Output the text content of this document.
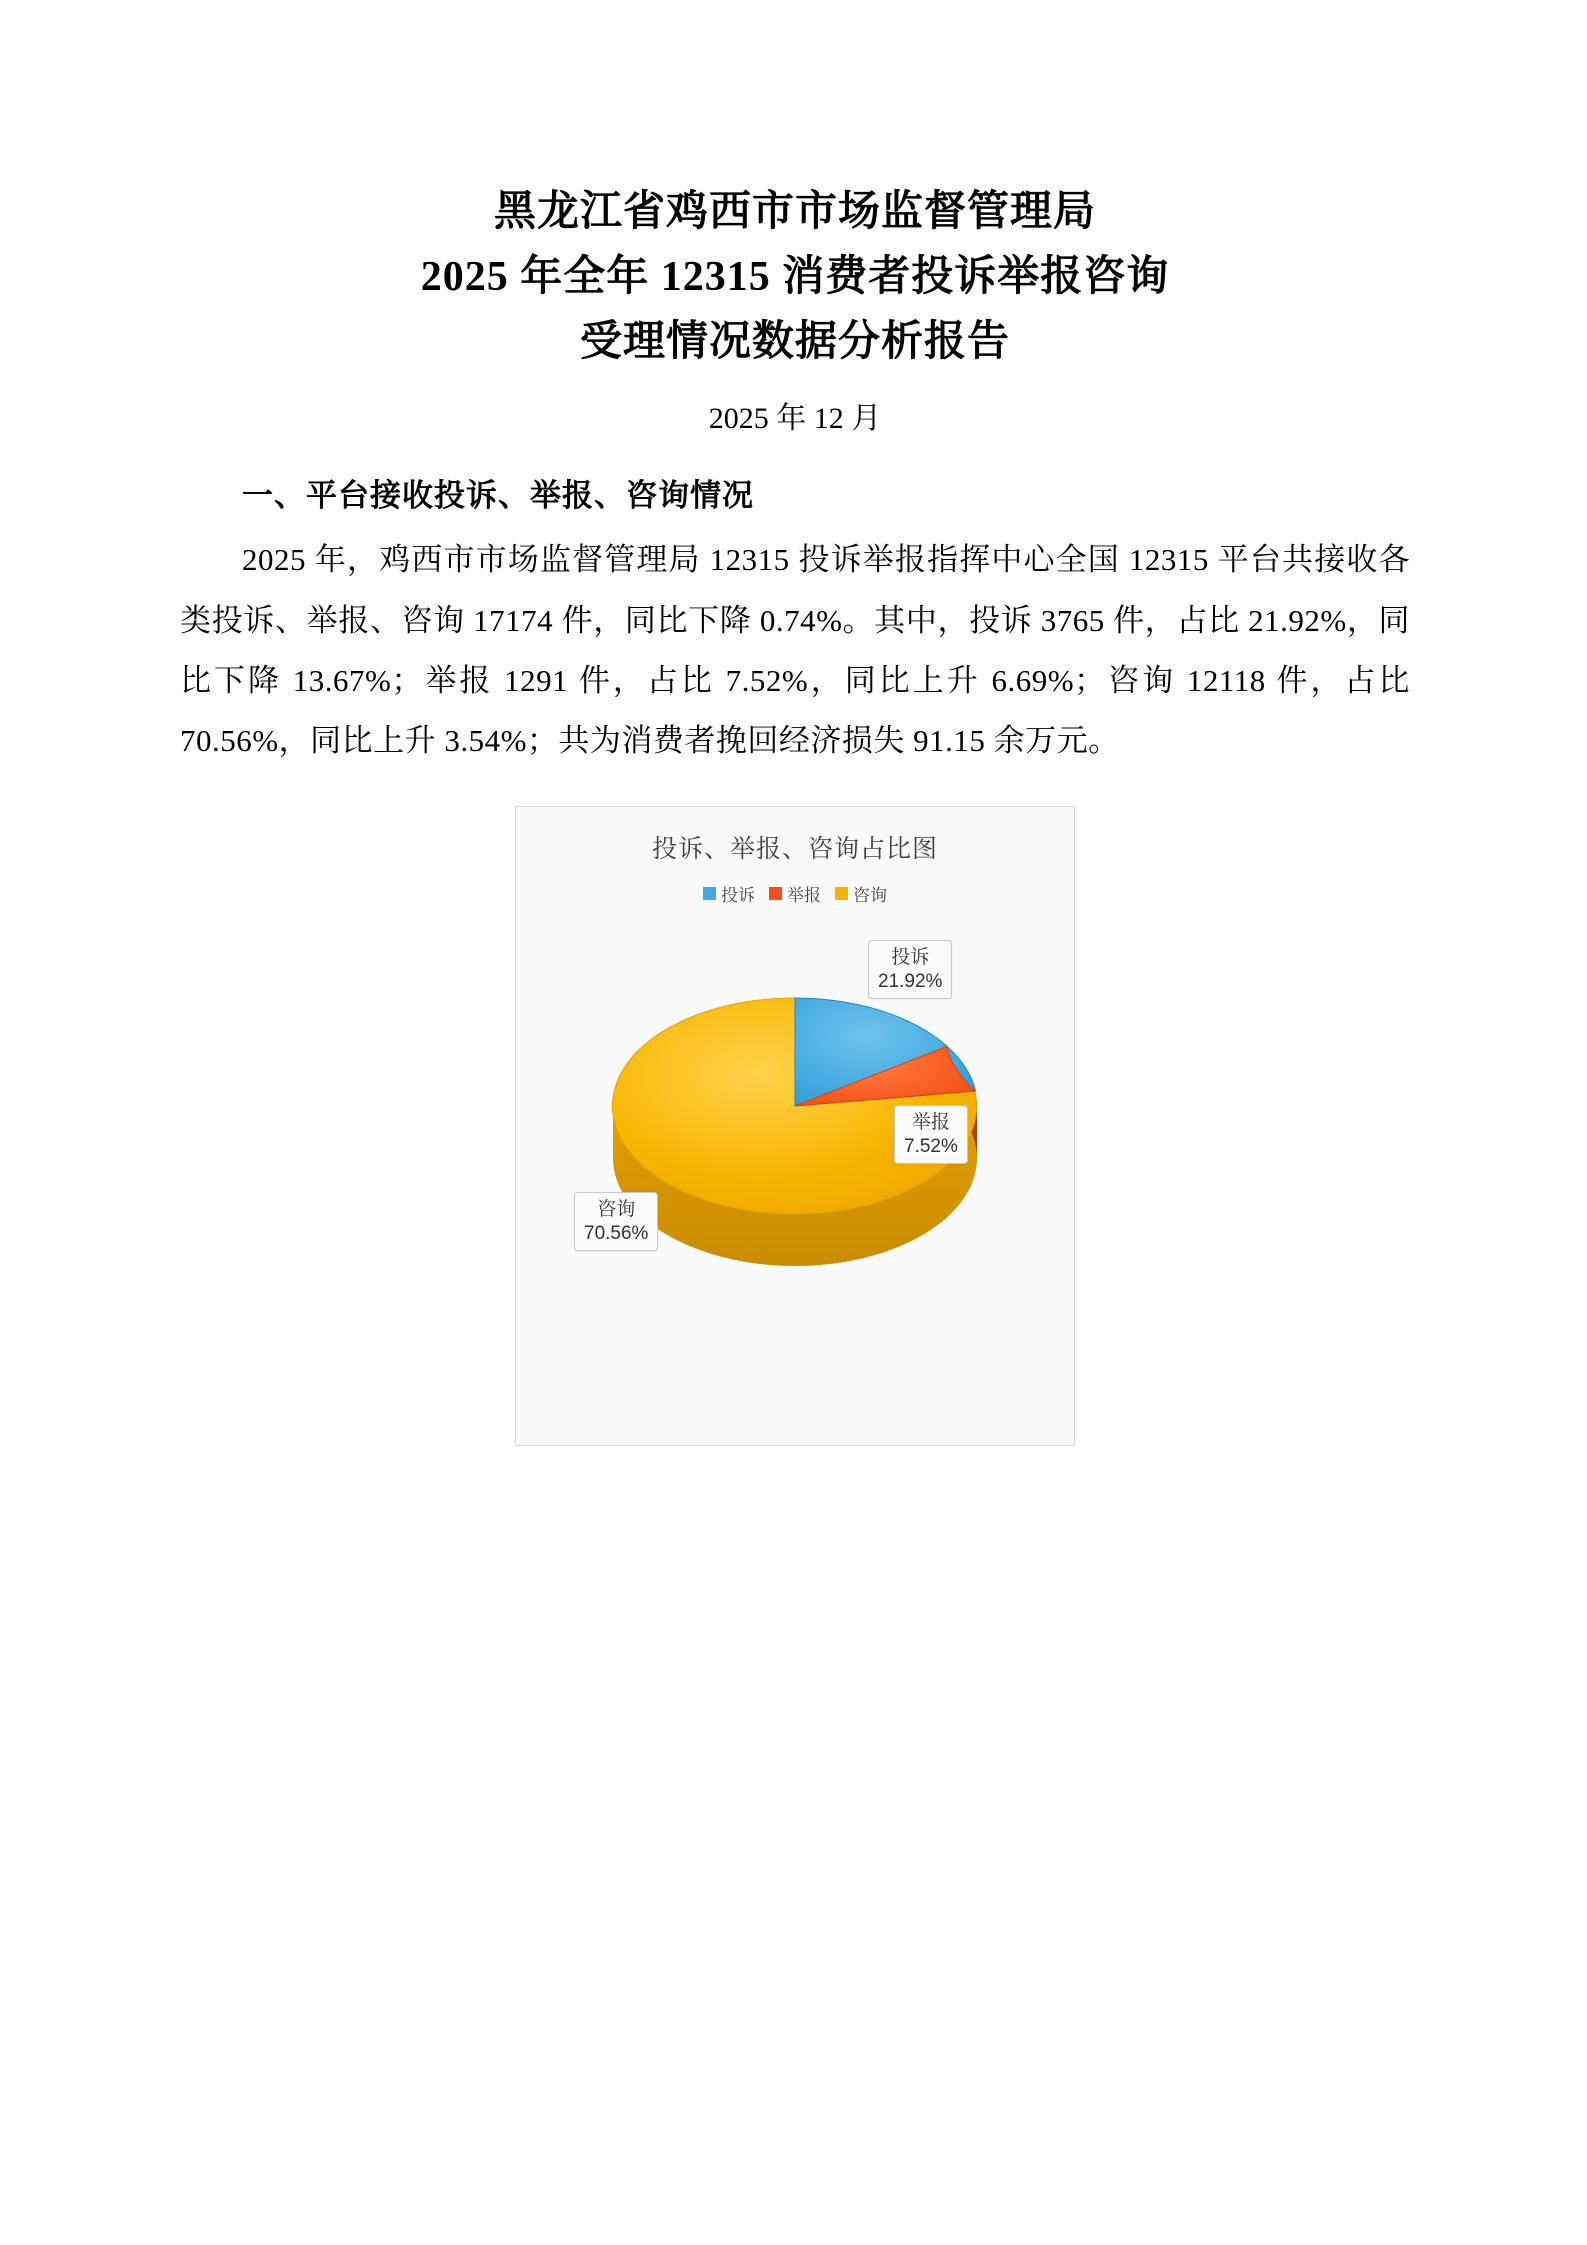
黑龙江省鸡西市市场监督管理局
2025 年全年 12315 消费者投诉举报咨询
受理情况数据分析报告
2025 年 12 月
一、平台接收投诉、举报、咨询情况

2025 年，鸡西市市场监督管理局 12315 投诉举报指挥中心全国 12315 平台共接收各类投诉、举报、咨询 17174 件，同比下降 0.74%。其中，投诉 3765 件，占比 21.92%，同比下降 13.67%；举报 1291 件，占比 7.52%，同比上升 6.69%；咨询 12118 件，占比 70.56%，同比上升 3.54%；共为消费者挽回经济损失 91.15 余万元。

投诉、举报、咨询占比图
投诉 举报 咨询
投诉
21.92%
举报
7.52%
咨询
70.56%
